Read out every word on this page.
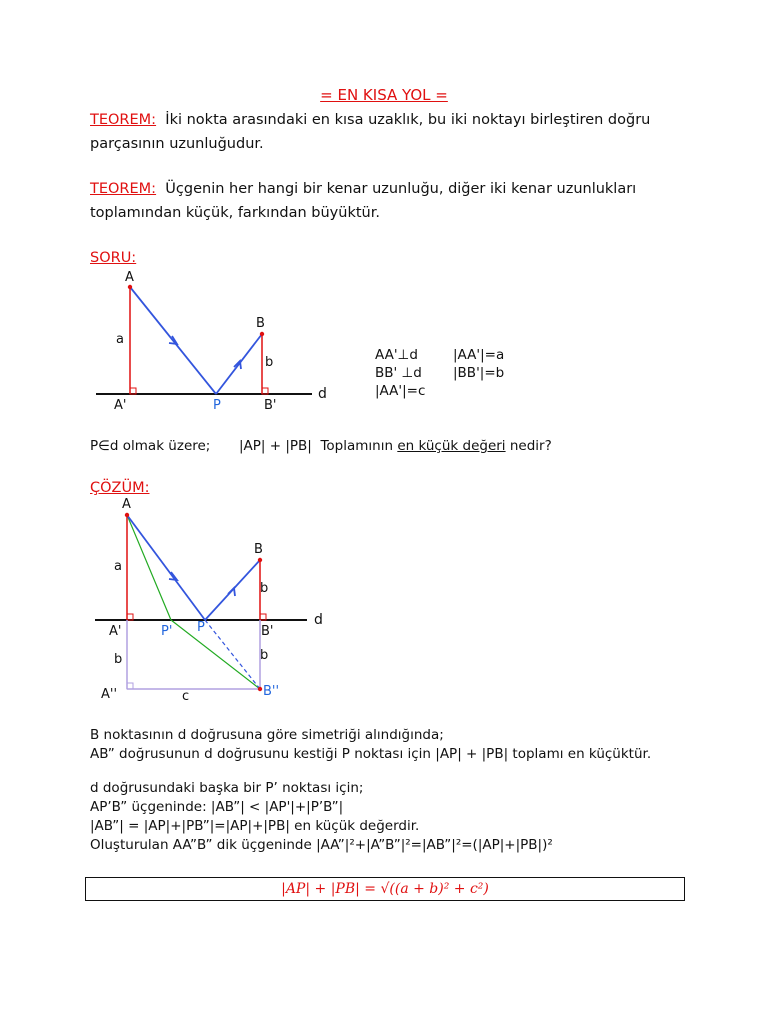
= EN KISA YOL =
TEOREM: İki nokta arasındaki en kısa uzaklık, bu iki noktayı birleştiren doğru
parçasının uzunluğudur.
TEOREM: Üçgenin her hangi bir kenar uzunluğu, diğer iki kenar uzunlukları
toplamından küçük, farkından büyüktür.
SORU:
A
B
a
b
A'	P	B'
d
AA'⊥d	|AA'|=a
BB' ⊥d |BB'|=b
|AA'|=c
P∈d olmak üzere; |AP| + |PB| Toplamının en küçük değeri nedir?
ÇÖZÜM:
A
B
a
b
A'	P' P	B'
d
b	b
A''	c	B''
B noktasının d doğrusuna göre simetriği alındığında;
AB” doğrusunun d doğrusunu kestiği P noktası için |AP| + |PB| toplamı en küçüktür.
d doğrusundaki başka bir P’ noktası için;
AP’B” üçgeninde: |AB”| < |AP'|+|P’B”|
|AB”| = |AP|+|PB”|=|AP|+|PB| en küçük değerdir.
Oluşturulan AA”B” dik üçgeninde |AA”|²+|A”B”|²=|AB”|²=(|AP|+|PB|)²
|AP| + |PB| = √((a + b)² + c²)
